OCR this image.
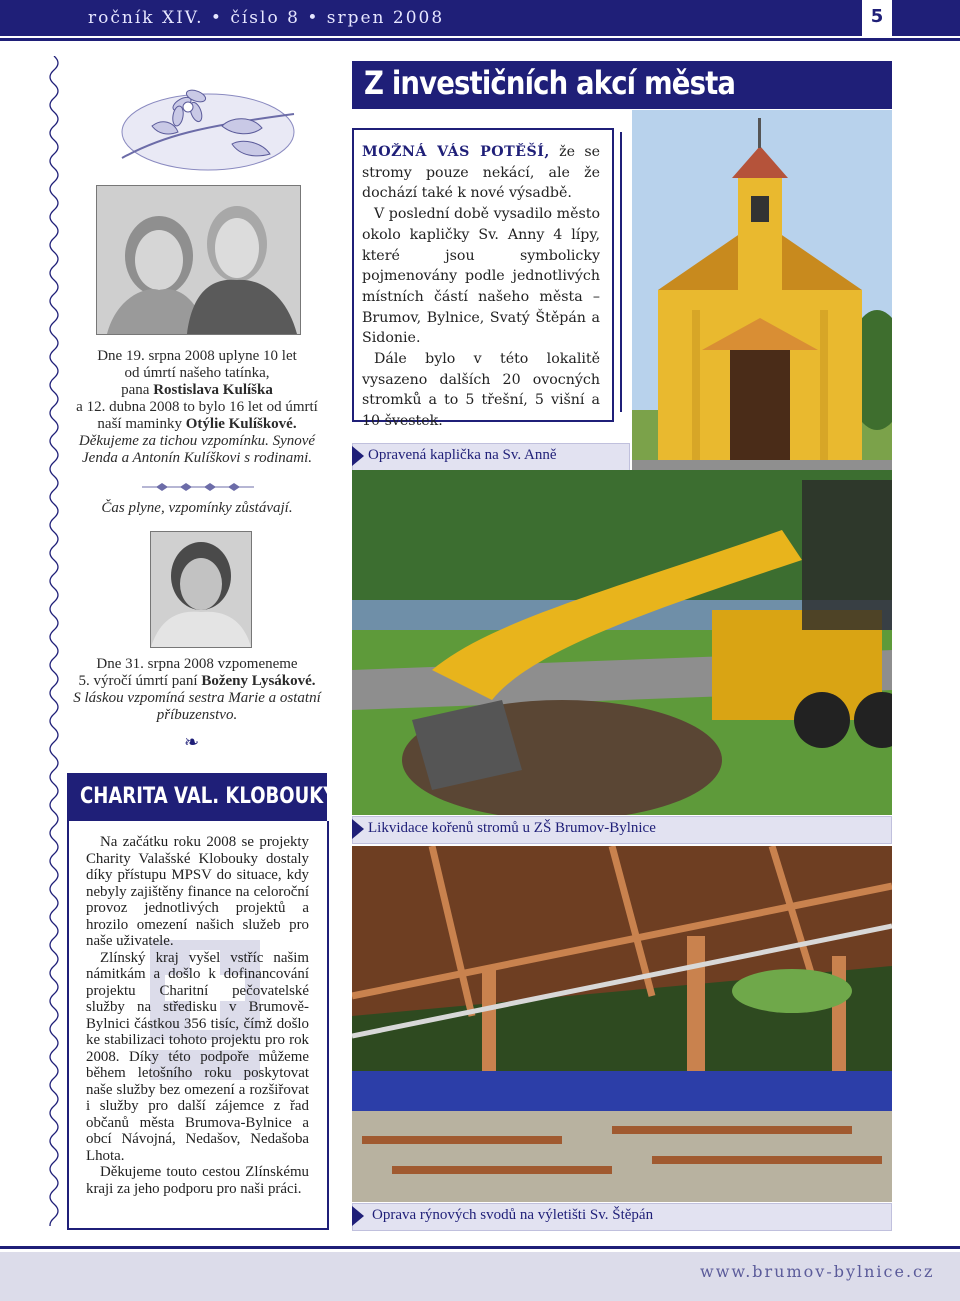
ročník XIV. • číslo 8 • srpen 2008	5
Dne 19. srpna 2008 uplyne 10 let
od úmrtí našeho tatínka,
pana Rostislava Kulíška
a 12. dubna 2008 to bylo 16 let od úmrtí
naší maminky Otýlie Kulíškové.
Děkujeme za tichou vzpomínku. Synové
Jenda a Antonín Kulíškovi s rodinami.
Čas plyne, vzpomínky zůstávají.
Dne 31. srpna 2008 vzpomeneme
5. výročí úmrtí paní Boženy Lysákové.
S láskou vzpomíná sestra Marie a ostatní
příbuzenstvo.
❧
Z investičních akcí města
MOŽNÁ VÁS POTĚŠÍ, že se stromy pouze nekácí, ale že dochází také k nové výsadbě.
V poslední době vysadilo město okolo kapličky Sv. Anny 4 lípy, které jsou symbolicky pojmenovány podle jednotlivých místních částí našeho města – Brumov, Bylnice, Svatý Štěpán a Sidonie.
Dále bylo v této lokalitě vysazeno dalších 20 ovocných stromků a to 5 třešní, 5 višní a 10 švestek.
Opravená kaplička na Sv. Anně
Likvidace kořenů stromů u ZŠ Brumov-Bylnice
Oprava rýnových svodů na výletišti Sv. Štěpán
CHARITA VAL. KLOBOUKY

Na začátku roku 2008 se projekty Charity Valašské Klobouky dostaly díky přístupu MPSV do situace, kdy nebyly zajištěny finance na celoroční provoz jednotlivých projektů a hrozilo omezení našich služeb pro naše uživatele.

Zlínský kraj vyšel vstříc našim námitkám a došlo k dofinancování projektu Charitní pečovatelské služby na středisku v Brumově-Bylnici částkou 356 tisíc, čímž došlo ke stabilizaci tohoto projektu pro rok 2008. Díky této podpoře můžeme během letošního roku poskytovat naše služby bez omezení a rozšiřovat i služby pro další zájemce z řad občanů města Brumova-Bylnice a obcí Návojná, Nedašov, Nedašoba Lhota.

Děkujeme touto cestou Zlínskému kraji za jeho podporu pro naši práci.

www.brumov-bylnice.cz
